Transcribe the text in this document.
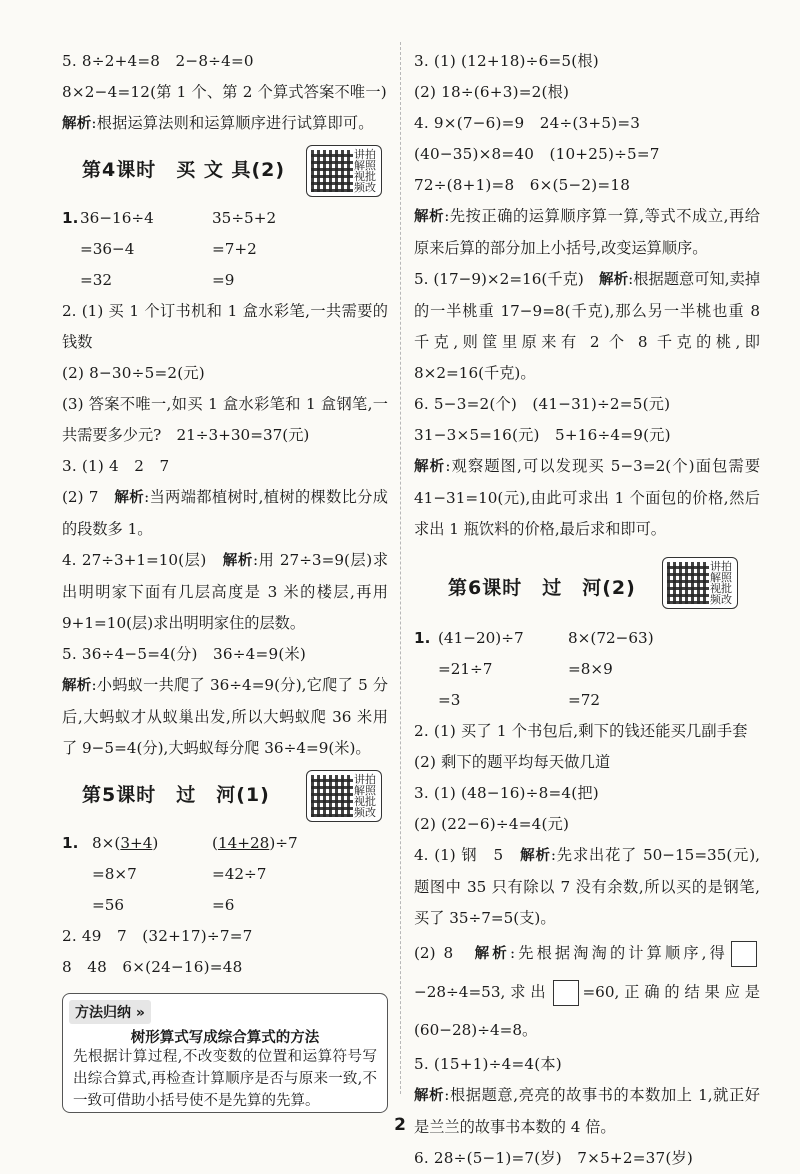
5. 8÷2+4=8　2−8÷4=0
8×2−4=12(第 1 个、第 2 个算式答案不唯一)
解析:根据运算法则和运算顺序进行试算即可。
第4课时　买 文 具(2)
讲拍解照视批频改
1. 36−16÷4
=36−4
=32
35÷5+2
=7+2
=9
2. (1) 买 1 个订书机和 1 盒水彩笔,一共需要的钱数
(2) 8−30÷5=2(元)
(3) 答案不唯一,如买 1 盒水彩笔和 1 盒钢笔,一共需要多少元?　21÷3+30=37(元)
3. (1) 4　2　7
(2) 7　解析:当两端都植树时,植树的棵数比分成的段数多 1。
4. 27÷3+1=10(层)　解析:用 27÷3=9(层)求出明明家下面有几层高度是 3 米的楼层,再用 9+1=10(层)求出明明家住的层数。
5. 36÷4−5=4(分)　36÷4=9(米)
解析:小蚂蚁一共爬了 36÷4=9(分),它爬了 5 分后,大蚂蚁才从蚁巢出发,所以大蚂蚁爬 36 米用了 9−5=4(分),大蚂蚁每分爬 36÷4=9(米)。
第5课时　过　河(1)
讲拍解照视批频改
1. 8×(3+4)
=8×7
=56
(14+28)÷7
=42÷7
=6
2. 49　7　(32+17)÷7=7
8　48　6×(24−16)=48
方法归纳 »
树形算式写成综合算式的方法
先根据计算过程,不改变数的位置和运算符号写出综合算式,再检查计算顺序是否与原来一致,不一致可借助小括号使不是先算的先算。
3. (1) (12+18)÷6=5(根)
(2) 18÷(6+3)=2(根)
4. 9×(7−6)=9　24÷(3+5)=3
(40−35)×8=40　(10+25)÷5=7
72÷(8+1)=8　6×(5−2)=18
解析:先按正确的运算顺序算一算,等式不成立,再给原来后算的部分加上小括号,改变运算顺序。
5. (17−9)×2=16(千克)　解析:根据题意可知,卖掉的一半桃重 17−9=8(千克),那么另一半桃也重 8 千克,则筐里原来有 2 个 8 千克的桃,即 8×2=16(千克)。
6. 5−3=2(个)　(41−31)÷2=5(元)
31−3×5=16(元)　5+16÷4=9(元)
解析:观察题图,可以发现买 5−3=2(个)面包需要 41−31=10(元),由此可求出 1 个面包的价格,然后求出 1 瓶饮料的价格,最后求和即可。
第6课时　过　河(2)
讲拍解照视批频改
1. (41−20)÷7
=21÷7
=3
8×(72−63)
=8×9
=72
2. (1) 买了 1 个书包后,剩下的钱还能买几副手套
(2) 剩下的题平均每天做几道
3. (1) (48−16)÷8=4(把)
(2) (22−6)÷4=4(元)
4. (1) 钢　5　解析:先求出花了 50−15=35(元),题图中 35 只有除以 7 没有余数,所以买的是钢笔,买了 35÷7=5(支)。
(2) 8　解析:先根据淘淘的计算顺序,得−28÷4=53,求出 =60,正确的结果应是(60−28)÷4=8。
5. (15+1)÷4=4(本)
解析:根据题意,亮亮的故事书的本数加上 1,就正好是兰兰的故事书本数的 4 倍。
6. 28÷(5−1)=7(岁)　7×5+2=37(岁)
2
